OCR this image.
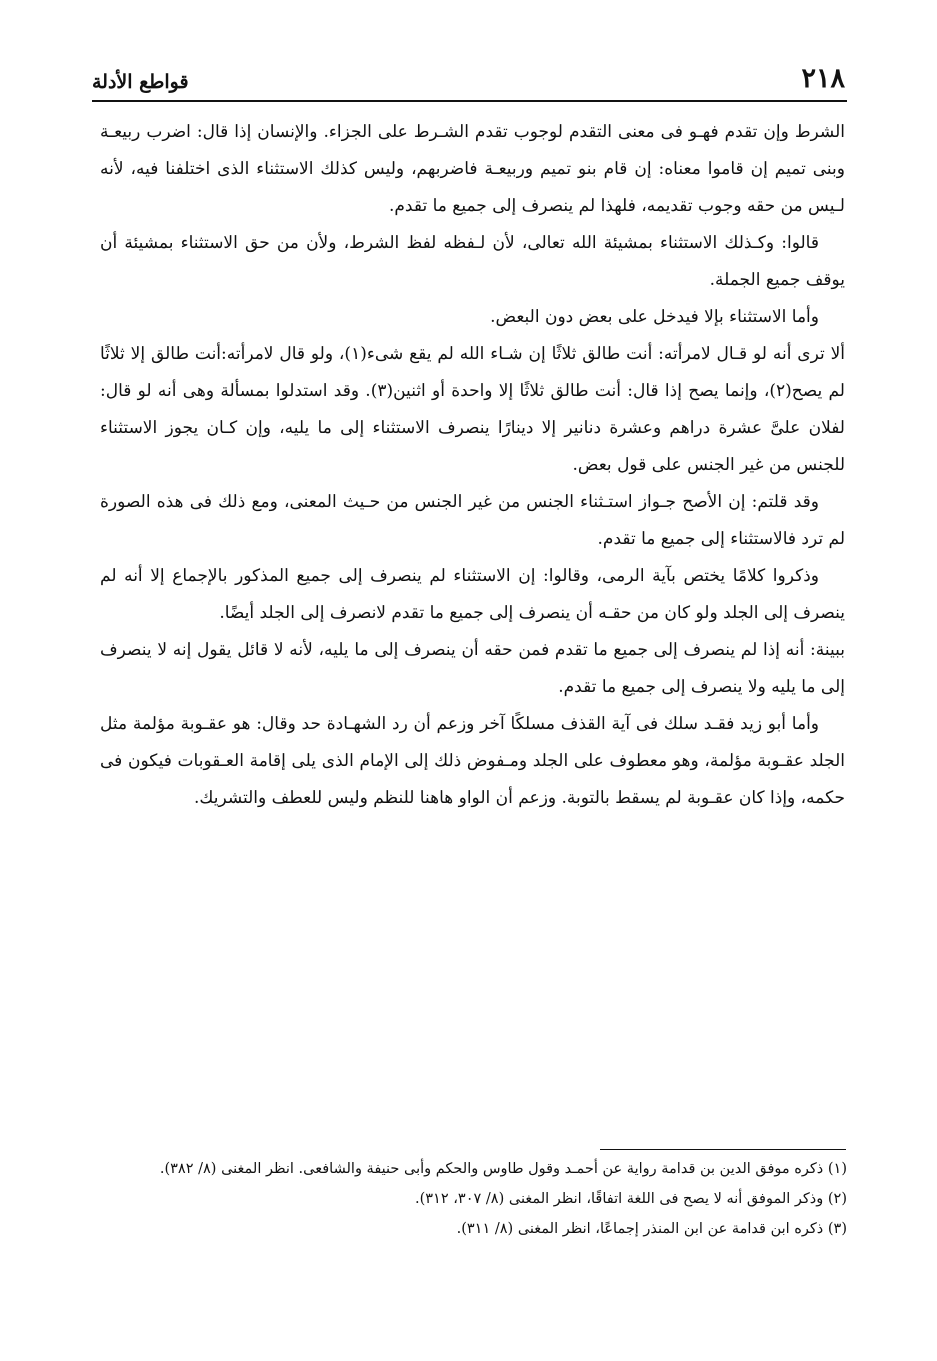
٢١٨
قواطع الأدلة

الشرط وإن تقدم فهـو فى معنى التقدم لوجوب تقدم الشـرط على الجزاء. والإنسان إذا قال: اضرب ربيعـة وبنى تميم إن قاموا معناه: إن قام بنو تميم وربيعـة فاضربهم، وليس كذلك الاستثناء الذى اختلفنا فيه، لأنه لـيس من حقه وجوب تقديمه، فلهذا لم ينصرف إلى جميع ما تقدم.

قالوا: وكـذلك الاستثناء بمشيئة الله تعالى، لأن لـفظه لفظ الشرط، ولأن من حق الاستثناء بمشيئة أن يوقف جميع الجملة.

وأما الاستثناء بإلا فيدخل على بعض دون البعض.

ألا ترى أنه لو قـال لامرأته: أنت طالق ثلاثًا إن شـاء الله لم يقع شىء(١)، ولو قال لامرأته:أنت طالق إلا ثلاثًا لم يصح(٢)، وإنما يصح إذا قال: أنت طالق ثلاثًا إلا واحدة أو اثنين(٣). وقد استدلوا بمسألة وهى أنه لو قال: لفلان علىَّ عشرة دراهم وعشرة دنانير إلا دينارًا ينصرف الاستثناء إلى ما يليه، وإن كـان يجوز الاستثناء للجنس من غير الجنس على قول بعض.

وقد قلتم: إن الأصح جـواز استـثناء الجنس من غير الجنس من حـيث المعنى، ومع ذلك فى هذه الصورة لم ترد فالاستثناء إلى جميع ما تقدم.

وذكروا كلامًا يختص بآية الرمى، وقالوا: إن الاستثناء لم ينصرف إلى جميع المذكور بالإجماع إلا أنه لم ينصرف إلى الجلد ولو كان من حقـه أن ينصرف إلى جميع ما تقدم لانصرف إلى الجلد أيضًا.

ببينة: أنه إذا لم ينصرف إلى جميع ما تقدم فمن حقه أن ينصرف إلى ما يليه، لأنه لا قائل يقول إنه لا ينصرف إلى ما يليه ولا ينصرف إلى جميع ما تقدم.

وأما أبو زيد فقـد سلك فى آية القذف مسلكًا آخر وزعم أن رد الشهـادة حد وقال: هو عقـوبة مؤلمة مثل الجلد عقـوبة مؤلمة، وهو معطوف على الجلد ومـفوض ذلك إلى الإمام الذى يلى إقامة العـقوبات فيكون فى حكمه، وإذا كان عقـوبة لم يسقط بالتوبة. وزعم أن الواو هاهنا للنظم وليس للعطف والتشريك.

(١) ذكره موفق الدين بن قدامة رواية عن أحمـد وقول طاوس والحكم وأبى حنيفة والشافعى. انظر المغنى (٨/ ٣٨٢).

(٢) وذكر الموفق أنه لا يصح فى اللغة اتفاقًا، انظر المغنى (٨/ ٣٠٧، ٣١٢).

(٣) ذكره ابن قدامة عن ابن المنذر إجماعًا، انظر المغنى (٨/ ٣١١).
